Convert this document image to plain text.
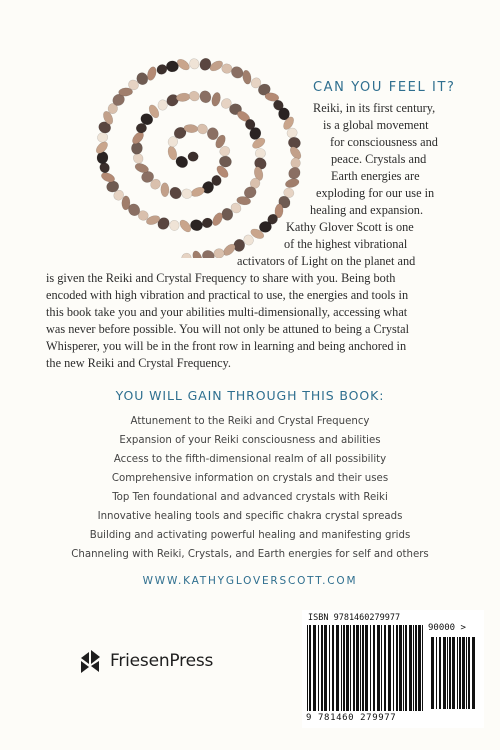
CAN YOU FEEL IT?
Reiki, in its first century,
is a global movement
for consciousness and
peace. Crystals and
Earth energies are
exploding for our use in
healing and expansion.
Kathy Glover Scott is one
of the highest vibrational
activators of Light on the planet and
is given the Reiki and Crystal Frequency to share with you. Being both
encoded with high vibration and practical to use, the energies and tools in
this book take you and your abilities multi-dimensionally, accessing what
was never before possible. You will not only be attuned to being a Crystal
Whisperer, you will be in the front row in learning and being anchored in
the new Reiki and Crystal Frequency.
YOU WILL GAIN THROUGH THIS BOOK:
Attunement to the Reiki and Crystal Frequency
Expansion of your Reiki consciousness and abilities
Access to the fifth-dimensional realm of all possibility
Comprehensive information on crystals and their uses
Top Ten foundational and advanced crystals with Reiki
Innovative healing tools and specific chakra crystal spreads
Building and activating powerful healing and manifesting grids
Channeling with Reiki, Crystals, and Earth energies for self and others
WWW.KATHYGLOVERSCOTT.COM
FriesenPress
ISBN 9781460279977
90000 >
9 781460 279977
